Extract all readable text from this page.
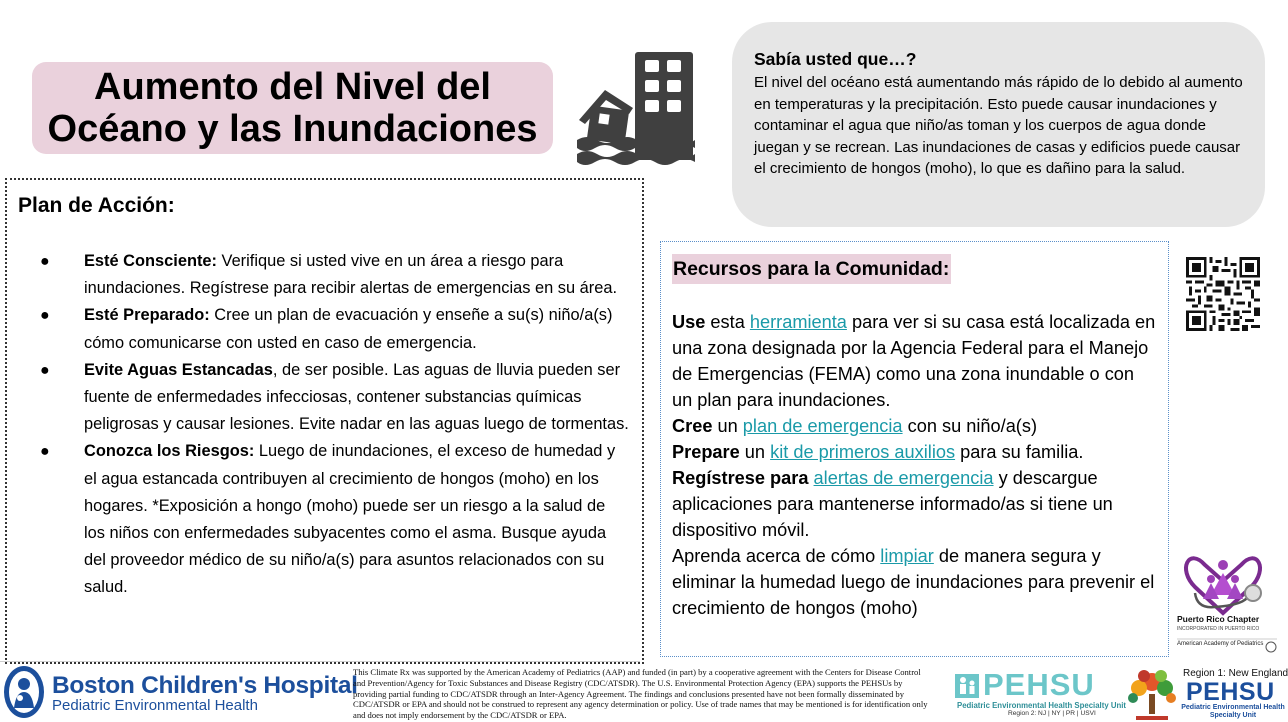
Aumento del Nivel del
Océano y las Inundaciones
Sabía usted que…?
El nivel del océano está aumentando más rápido de lo debido al aumento en temperaturas y la precipitación. Esto puede causar inundaciones y contaminar el agua que niño/as toman y los cuerpos de agua donde juegan y se recrean. Las inundaciones de casas y edificios puede causar el crecimiento de hongos (moho), lo que es dañino para la salud.
Plan de Acción:
● Esté Consciente: Verifique si usted vive en un área a riesgo para inundaciones. Regístrese para recibir alertas de emergencias en su área.
● Esté Preparado: Cree un plan de evacuación y enseñe a su(s) niño/a(s) cómo comunicarse con usted en caso de emergencia.
● Evite Aguas Estancadas, de ser posible. Las aguas de lluvia pueden ser fuente de enfermedades infecciosas, contener substancias químicas peligrosas y causar lesiones. Evite nadar en las aguas luego de tormentas.
● Conozca los Riesgos: Luego de inundaciones, el exceso de humedad y el agua estancada contribuyen al crecimiento de hongos (moho) en los hogares. *Exposición a hongo (moho) puede ser un riesgo a la salud de los niños con enfermedades subyacentes como el asma. Busque ayuda del proveedor médico de su niño/a(s) para asuntos relacionados con su salud.
Recursos para la Comunidad:
Use esta herramienta para ver si su casa está localizada en una zona designada por la Agencia Federal para el Manejo de Emergencias (FEMA) como una zona inundable o con un plan para inundaciones.
Cree un plan de emergencia con su niño/a(s)
Prepare un kit de primeros auxilios para su familia.
Regístrese para alertas de emergencia y descargue aplicaciones para mantenerse informado/as si tiene un dispositivo móvil.
Aprenda acerca de cómo limpiar de manera segura y eliminar la humedad luego de inundaciones para prevenir el crecimiento de hongos (moho)
Puerto Rico Chapter
INCORPORATED IN PUERTO RICO
American Academy of Pediatrics
Boston Children's Hospital
Pediatric Environmental Health
This Climate Rx was supported by the American Academy of Pediatrics (AAP) and funded (in part) by a cooperative agreement with the Centers for Disease Control and Prevention/Agency for Toxic Substances and Disease Registry (CDC/ATSDR). The U.S. Environmental Protection Agency (EPA) supports the PEHSUs by providing partial funding to CDC/ATSDR through an Inter-Agency Agreement. The findings and conclusions presented have not been formally disseminated by CDC/ATSDR or EPA and should not be construed to represent any agency determination or policy. Use of trade names that may be mentioned is for identification only and does not imply endorsement by the CDC/ATSDR or EPA.
PEHSU
Pediatric Environmental Health Specialty Unit
Region 2: NJ | NY | PR | USVI
Region 1: New England
PEHSU
Pediatric Environmental Health
Specialty Unit
